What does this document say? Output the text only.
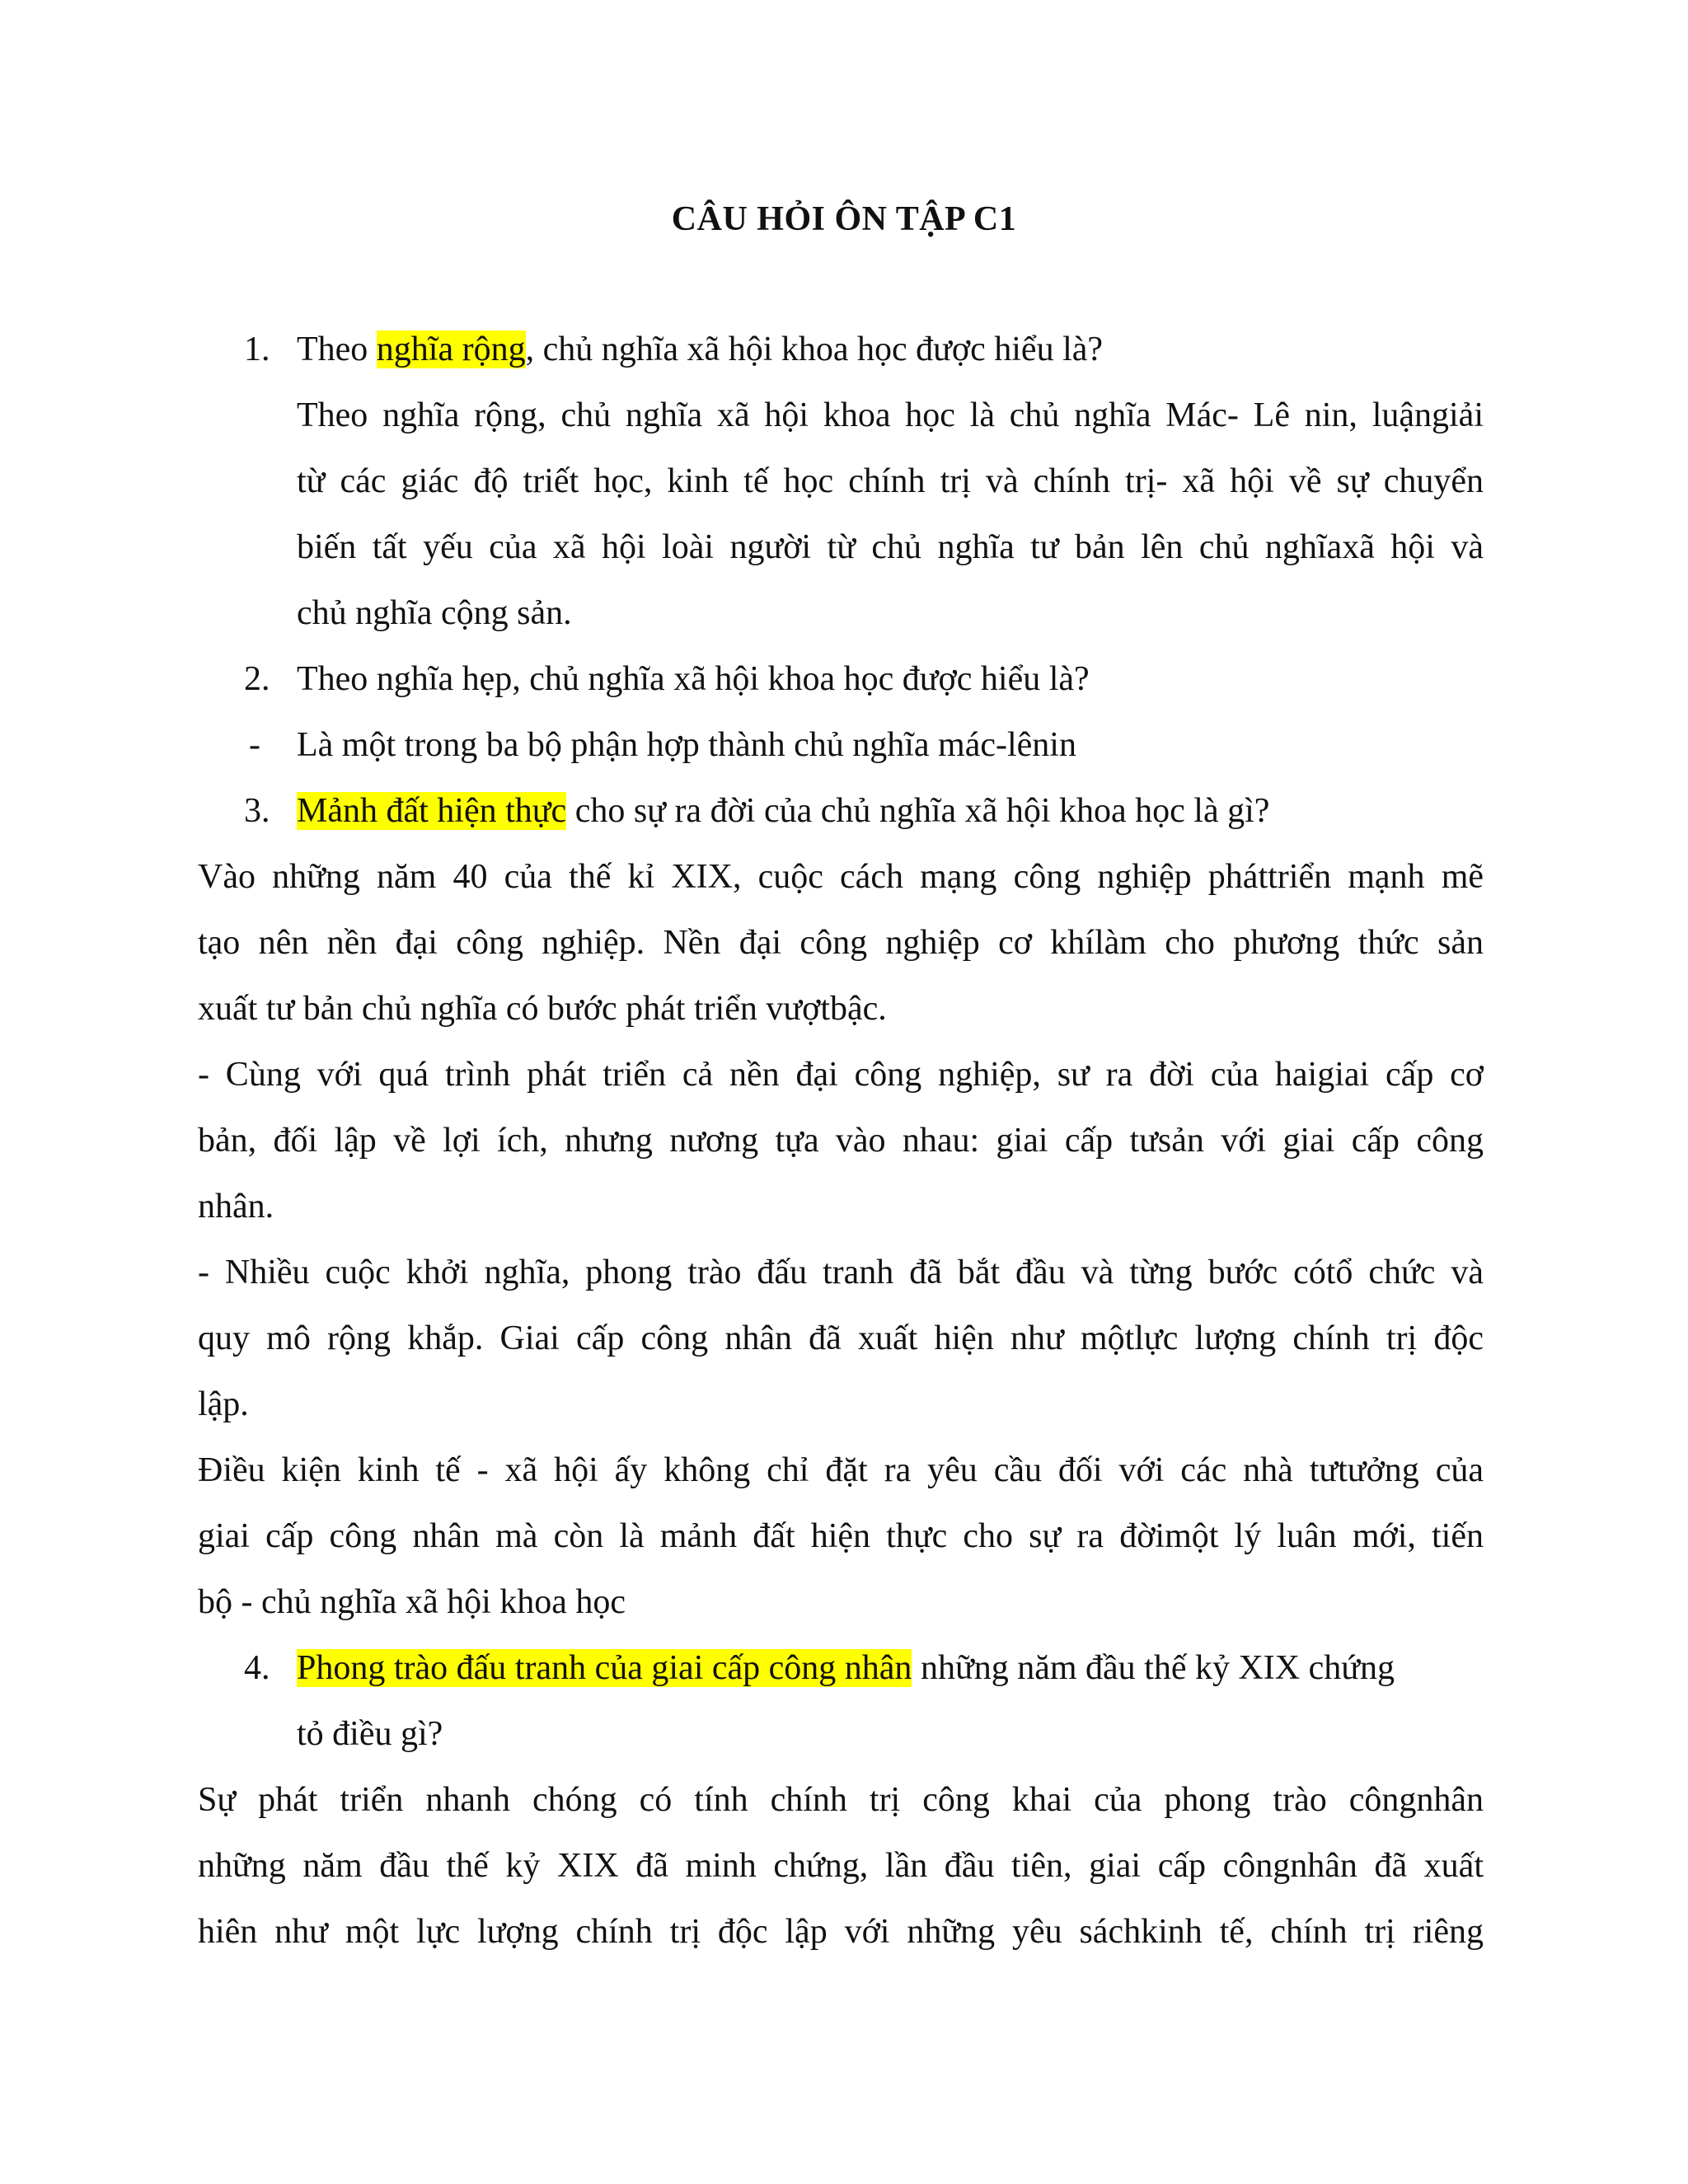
CÂU HỎI ÔN TẬP C1
1. Theo nghĩa rộng, chủ nghĩa xã hội khoa học được hiểu là?
Theo nghĩa rộng, chủ nghĩa xã hội khoa học là chủ nghĩa Mác- Lê nin, luậngiải
từ các giác độ triết học, kinh tế học chính trị và chính trị- xã hội về sự chuyển
biến tất yếu của xã hội loài người từ chủ nghĩa tư bản lên chủ nghĩaxã hội và
chủ nghĩa cộng sản.
2. Theo nghĩa hẹp, chủ nghĩa xã hội khoa học được hiểu là?
- Là một trong ba bộ phận hợp thành chủ nghĩa mác-lênin
3. Mảnh đất hiện thực cho sự ra đời của chủ nghĩa xã hội khoa học là gì?
Vào những năm 40 của thế kỉ XIX, cuộc cách mạng công nghiệp pháttriển mạnh mẽ
tạo nên nền đại công nghiệp. Nền đại công nghiệp cơ khílàm cho phương thức sản
xuất tư bản chủ nghĩa có bước phát triển vượtbậc.
- Cùng với quá trình phát triển cả nền đại công nghiệp, sư ra đời của haigiai cấp cơ
bản, đối lập về lợi ích, nhưng nương tựa vào nhau: giai cấp tưsản với giai cấp công
nhân.
- Nhiều cuộc khởi nghĩa, phong trào đấu tranh đã bắt đầu và từng bước cótổ chức và
quy mô rộng khắp. Giai cấp công nhân đã xuất hiện như mộtlực lượng chính trị độc
lập.
Điều kiện kinh tế - xã hội ấy không chỉ đặt ra yêu cầu đối với các nhà tưtưởng của
giai cấp công nhân mà còn là mảnh đất hiện thực cho sự ra đờimột lý luân mới, tiến
bộ - chủ nghĩa xã hội khoa học
4. Phong trào đấu tranh của giai cấp công nhân những năm đầu thế kỷ XIX chứng
tỏ điều gì?
Sự phát triển nhanh chóng có tính chính trị công khai của phong trào côngnhân
những năm đầu thế kỷ XIX đã minh chứng, lần đầu tiên, giai cấp côngnhân đã xuất
hiên như một lực lượng chính trị độc lập với những yêu sáchkinh tế, chính trị riêng
